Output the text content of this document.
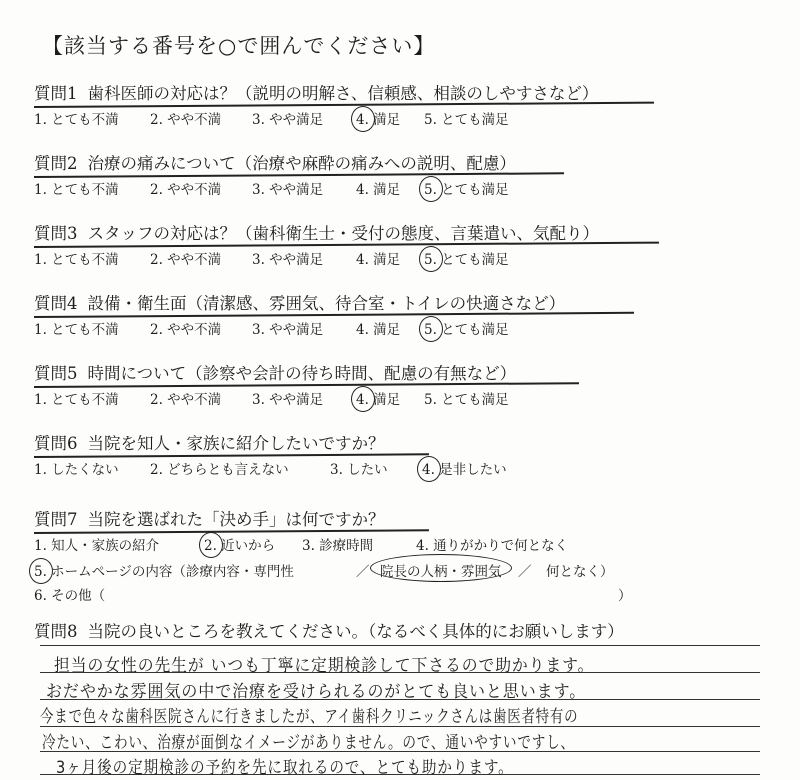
【該当する番号を○で囲んでください】
質問1 歯科医師の対応は？（説明の明解さ、信頼感、相談のしやすさなど）
1. とても不満 2. やや不満 3. やや満足 4. 満足 5. とても満足
質問2 治療の痛みについて（治療や麻酔の痛みへの説明、配慮）
1. とても不満 2. やや不満 3. やや満足 4. 満足 5. とても満足
質問3 スタッフの対応は？（歯科衛生士・受付の態度、言葉遣い、気配り）
1. とても不満 2. やや不満 3. やや満足 4. 満足 5. とても満足
質問4 設備・衛生面（清潔感、雰囲気、待合室・トイレの快適さなど）
1. とても不満 2. やや不満 3. やや満足 4. 満足 5. とても満足
質問5 時間について（診察や会計の待ち時間、配慮の有無など）
1. とても不満 2. やや不満 3. やや満足 4. 満足 5. とても満足
質問6 当院を知人・家族に紹介したいですか？
1. したくない 2. どちらとも言えない	3. したい	4. 是非したい
質問7 当院を選ばれた「決め手」は何ですか？
1. 知人・家族の紹介	2. 近いから 3. 診療時間	4. 通りがかりで何となく
5. ホームページの内容（診療内容・専門性	／ 院長の人柄・雰囲気 ／ 何となく）
6. その他（	）
質問8 当院の良いところを教えてください。（なるべく具体的にお願いします）
担当の女性の先生が いつも丁寧に定期検診して下さるので助かります。
おだやかな雰囲気の中で治療を受けられるのがとても良いと思います。
今まで色々な歯科医院さんに行きましたが、アイ歯科クリニックさんは歯医者特有の
冷たい、こわい、治療が面倒なイメージがありません。ので、通いやすいですし、
3ヶ月後の定期検診の予約を先に取れるので、とても助かります。
